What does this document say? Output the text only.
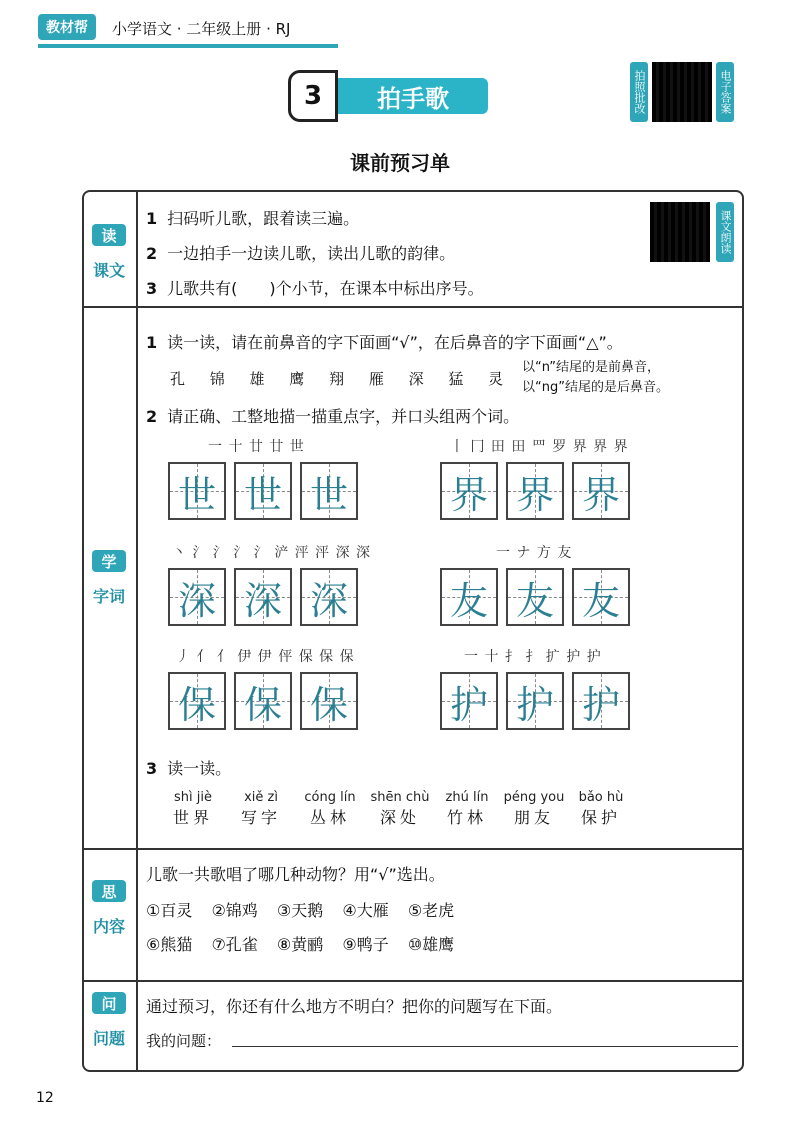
教材帮	小学语文 · 二年级上册 · RJ
3	拍手歌	拍照批改	电子答案
课前预习单
读
课文
1 扫码听儿歌，跟着读三遍。
2 一边拍手一边读儿歌，读出儿歌的韵律。
3 儿歌共有(　　)个小节，在课本中标出序号。
课文朗读
学
字词
1 读一读，请在前鼻音的字下面画“√”，在后鼻音的字下面画“△”。
孔 锦 雄 鹰 翔 雁 深 猛 灵
以“n”结尾的是前鼻音，
以“ng”结尾的是后鼻音。
2 请正确、工整地描一描重点字，并口头组两个词。
一 十 廿 廿 世
世 世 世
丨 冂 田 田 罒 罗 界 界 界
界 界 界
丶 氵 氵 氵 氵 浐 泙 泙 深 深
深 深 深
一 ナ 方 友
友 友 友
丿 亻 亻 伊 伊 伻 保 保 保
保 保 保
一 十 扌 扌 扩 护 护
护 护 护
3 读一读。
shì jiè
世界
xiě zì
写字
cóng lín
丛林
shēn chù
深处
zhú lín
竹林
péng you
朋友
bǎo hù
保护
思
内容
儿歌一共歌唱了哪几种动物？用“√”选出。
①百灵 ②锦鸡 ③天鹅 ④大雁 ⑤老虎
⑥熊猫 ⑦孔雀 ⑧黄鹂 ⑨鸭子 ⑩雄鹰
问
问题
通过预习，你还有什么地方不明白？把你的问题写在下面。
我的问题：
12
